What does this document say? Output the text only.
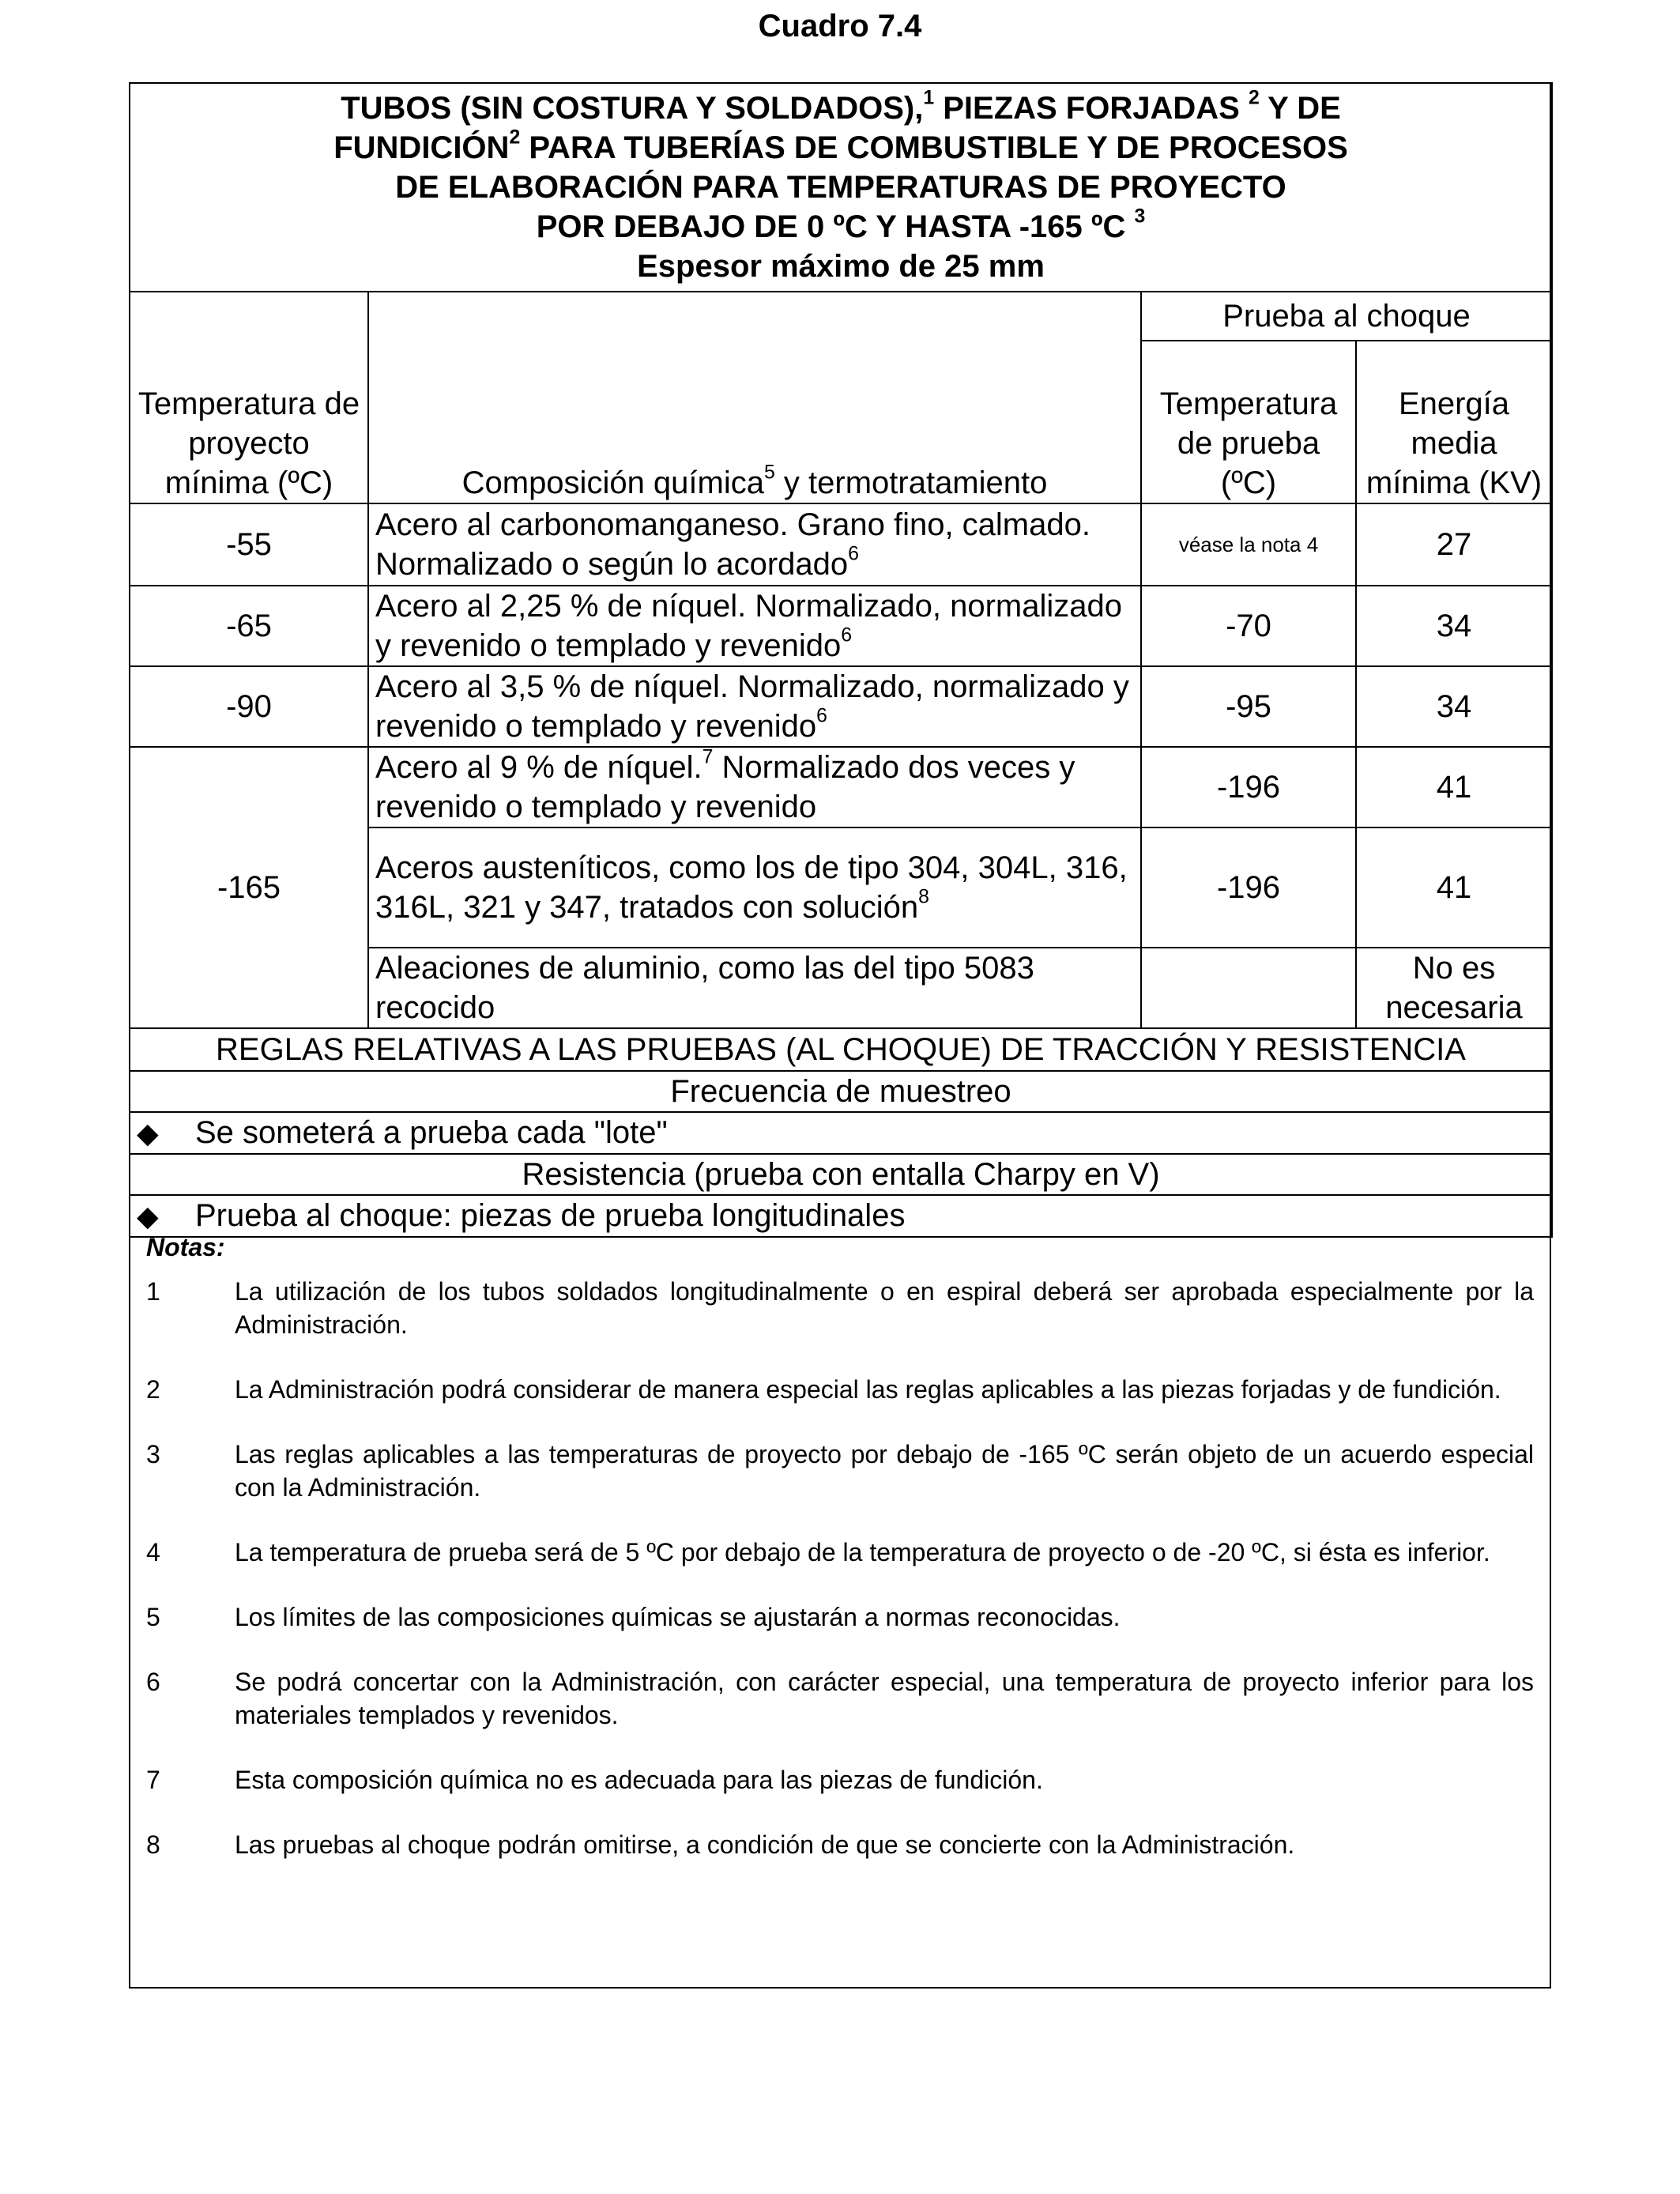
Cuadro 7.4
TUBOS (SIN COSTURA Y SOLDADOS),$^1$ PIEZAS FORJADAS $^2$ Y DE
FUNDICIÓN$^2$ PARA TUBERÍAS DE COMBUSTIBLE Y DE PROCESOS
DE ELABORACIÓN PARA TEMPERATURAS DE PROYECTO
POR DEBAJO DE 0 ºC Y HASTA -165 ºC $^3$
Espesor máximo de 25 mm			

Temperatura de proyecto mínima (ºC)	Composición química$^5$ y termotratamiento	Prueba al choque	
		Temperatura de prueba (ºC)	Energía media mínima (KV)
-55	Acero al carbonomanganeso. Grano fino, calmado. Normalizado o según lo acordado$^6$	véase la nota 4	27
-65	Acero al 2,25 % de níquel. Normalizado, normalizado y revenido o templado y revenido$^6$	-70	34
-90	Acero al 3,5 % de níquel. Normalizado, normalizado y revenido o templado y revenido$^6$	-95	34
-165	Acero al 9 % de níquel.$^7$ Normalizado dos veces y revenido o templado y revenido	-196	41
	Aceros austeníticos, como los de tipo 304, 304L, 316, 316L, 321 y 347, tratados con solución$^8$	-196	41
	Aleaciones de aluminio, como las del tipo 5083 recocido		No es necesaria
REGLAS RELATIVAS A LAS PRUEBAS (AL CHOQUE) DE TRACCIÓN Y RESISTENCIA			
Frecuencia de muestreo			
◆ Se someterá a prueba cada "lote"			
Resistencia (prueba con entalla Charpy en V)			
◆ Prueba al choque: piezas de prueba longitudinales			
Notas:
1	La utilización de los tubos soldados longitudinalmente o en espiral deberá ser aprobada especialmente por la Administración.
2	La Administración podrá considerar de manera especial las reglas aplicables a las piezas forjadas y de fundición.
3	Las reglas aplicables a las temperaturas de proyecto por debajo de -165 ºC serán objeto de un acuerdo especial con la Administración.
4	La temperatura de prueba será de 5 ºC por debajo de la temperatura de proyecto o de -20 ºC, si ésta es inferior.
5	Los límites de las composiciones químicas se ajustarán a normas reconocidas.
6	Se podrá concertar con la Administración, con carácter especial, una temperatura de proyecto inferior para los materiales templados y revenidos.
7	Esta composición química no es adecuada para las piezas de fundición.
8	Las pruebas al choque podrán omitirse, a condición de que se concierte con la Administración.
